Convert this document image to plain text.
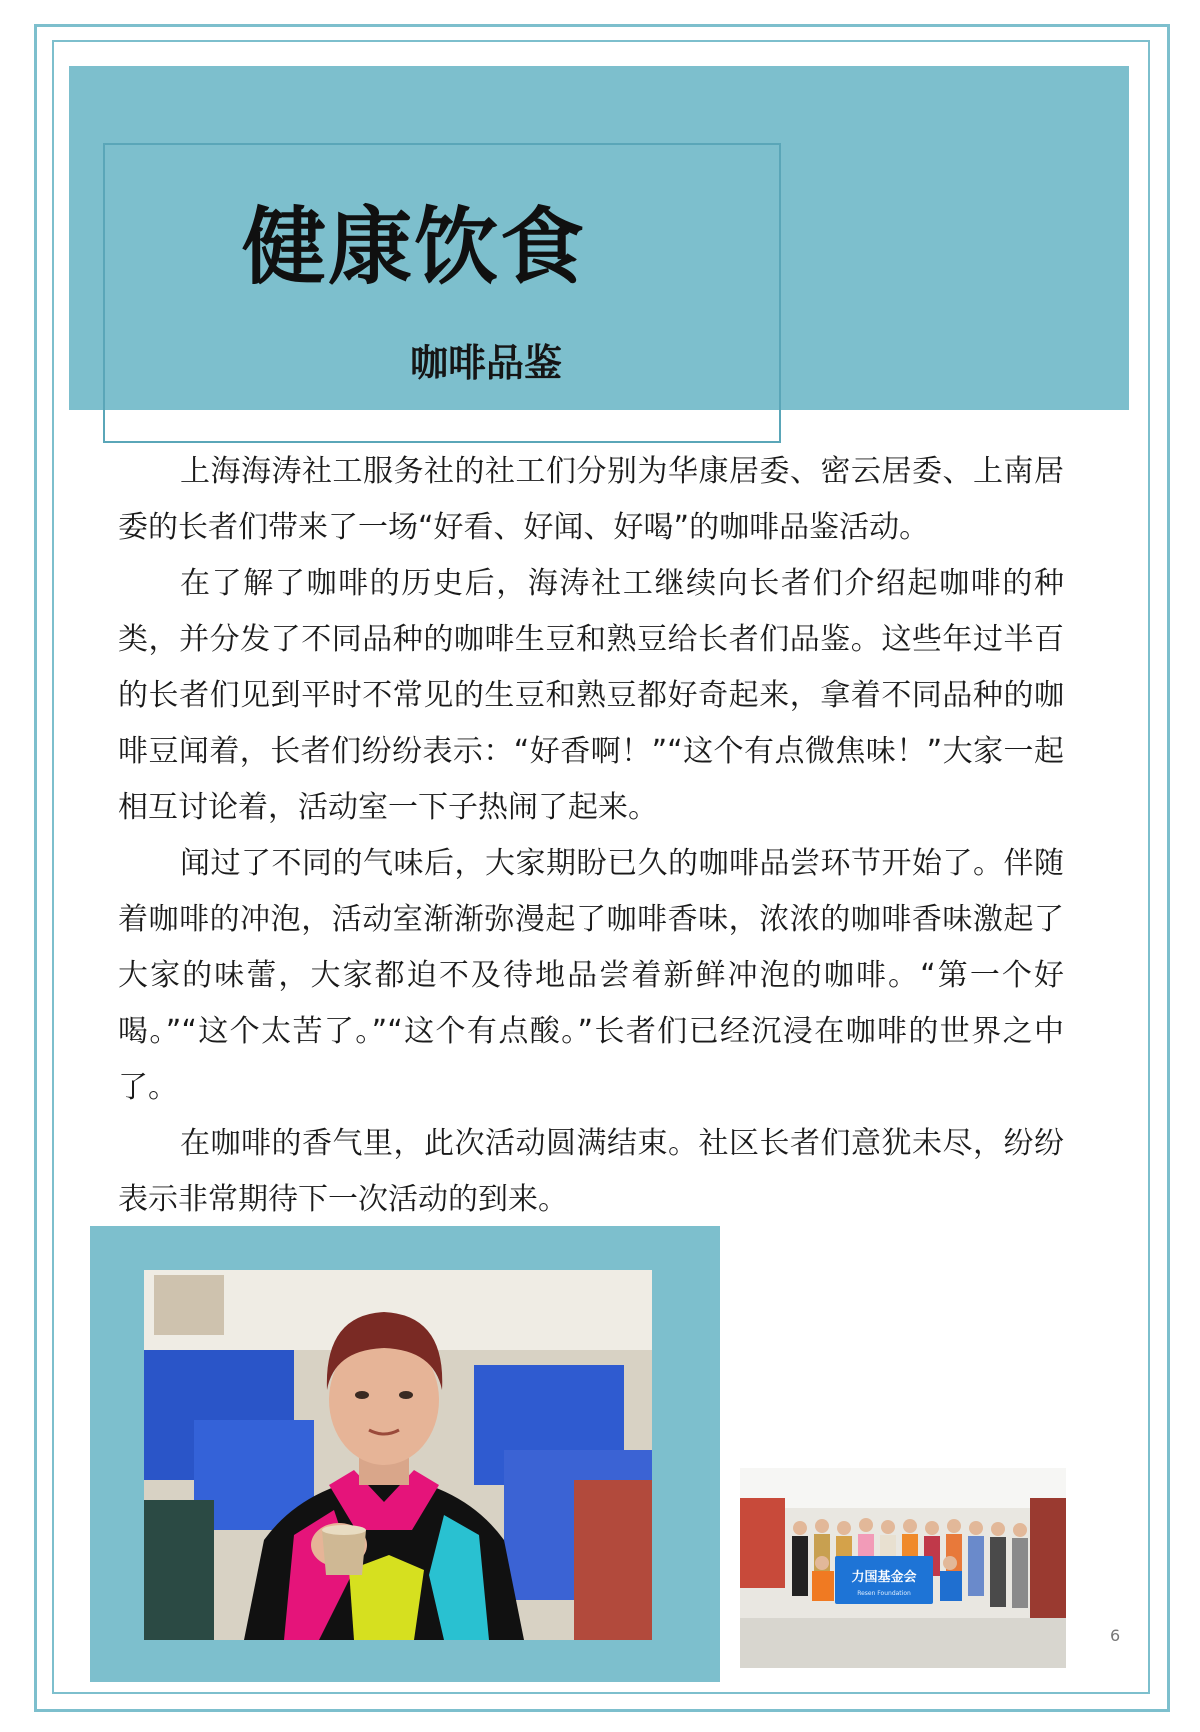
健康饮食
咖啡品鉴

上海海涛社工服务社的社工们分别为华康居委、密云居委、上南居委的长者们带来了一场“好看、好闻、好喝”的咖啡品鉴活动。

在了解了咖啡的历史后，海涛社工继续向长者们介绍起咖啡的种类，并分发了不同品种的咖啡生豆和熟豆给长者们品鉴。这些年过半百的长者们见到平时不常见的生豆和熟豆都好奇起来，拿着不同品种的咖啡豆闻着，长者们纷纷表示：“好香啊！”“这个有点微焦味！”大家一起相互讨论着，活动室一下子热闹了起来。

闻过了不同的气味后，大家期盼已久的咖啡品尝环节开始了。伴随着咖啡的冲泡，活动室渐渐弥漫起了咖啡香味，浓浓的咖啡香味激起了大家的味蕾，大家都迫不及待地品尝着新鲜冲泡的咖啡。“第一个好喝。”“这个太苦了。”“这个有点酸。”长者们已经沉浸在咖啡的世界之中了。

在咖啡的香气里，此次活动圆满结束。社区长者们意犹未尽，纷纷表示非常期待下一次活动的到来。

力国基金会
Resen Foundation
6
